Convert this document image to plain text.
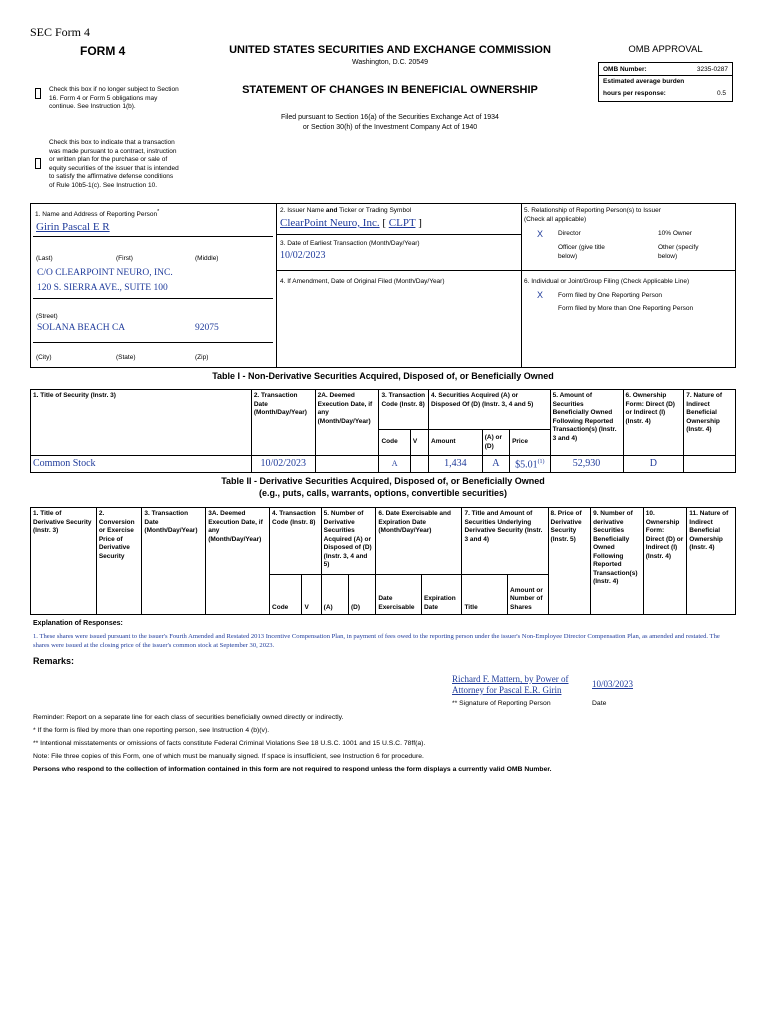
SEC Form 4
FORM 4	UNITED STATES SECURITIES AND EXCHANGE COMMISSION
Washington, D.C. 20549
STATEMENT OF CHANGES IN BENEFICIAL OWNERSHIP
Filed pursuant to Section 16(a) of the Securities Exchange Act of 1934
or Section 30(h) of the Investment Company Act of 1940
Check this box if no longer subject to Section 16. Form 4 or Form 5 obligations may continue. See Instruction 1(b).
Check this box to indicate that a transaction was made pursuant to a contract, instruction or written plan for the purchase or sale of equity securities of the issuer that is intended to satisfy the affirmative defense conditions of Rule 10b5-1(c). See Instruction 10.
OMB APPROVAL
OMB Number:	3235-0287
Estimated average burden
hours per response:	0.5
1. Name and Address of Reporting Person*
Girin Pascal E R
(Last)	(First)	(Middle)
C/O CLEARPOINT NEURO, INC.
120 S. SIERRA AVE., SUITE 100
(Street)
SOLANA BEACH CA	92075
(City)	(State)	(Zip)
2. Issuer Name and Ticker or Trading Symbol
ClearPoint Neuro, Inc. [ CLPT ]
3. Date of Earliest Transaction (Month/Day/Year)
10/02/2023
4. If Amendment, Date of Original Filed (Month/Day/Year)
5. Relationship of Reporting Person(s) to Issuer
(Check all applicable)
X Director	10% Owner
Officer (give title
below)
Other (specify
below)
6. Individual or Joint/Group Filing (Check Applicable Line)
X Form filed by One Reporting Person
Form filed by More than One Reporting Person
Table I - Non-Derivative Securities Acquired, Disposed of, or Beneficially Owned
1. Title of Security (Instr. 3)	2. Transaction Date (Month/Day/Year)	2A. Deemed Execution Date, if any (Month/Day/Year)	3. Transaction Code (Instr. 8)		4. Securities Acquired (A) or Disposed Of (D) (Instr. 3, 4 and 5)			5. Amount of Securities Beneficially Owned Following Reported Transaction(s) (Instr. 3 and 4)	6. Ownership Form: Direct (D) or Indirect (I) (Instr. 4)	7. Nature of Indirect Beneficial Ownership (Instr. 4)
			Code	V	Amount	(A) or (D)	Price			
Common Stock	10/02/2023		A		1,434	A	$5.01$^{(1)}$	52,930	D	
Table II - Derivative Securities Acquired, Disposed of, or Beneficially Owned
(e.g., puts, calls, warrants, options, convertible securities)
1. Title of Derivative Security (Instr. 3)	2. Conversion or Exercise Price of Derivative Security	3. Transaction Date (Month/Day/Year)	3A. Deemed Execution Date, if any (Month/Day/Year)	4. Transaction Code (Instr. 8)		5. Number of Derivative Securities Acquired (A) or Disposed of (D) (Instr. 3, 4 and 5)		6. Date Exercisable and Expiration Date (Month/Day/Year)		7. Title and Amount of Securities Underlying Derivative Security (Instr. 3 and 4)		8. Price of Derivative Security (Instr. 5)	9. Number of derivative Securities Beneficially Owned Following Reported Transaction(s) (Instr. 4)	10. Ownership Form: Direct (D) or Indirect (I) (Instr. 4)	11. Nature of Indirect Beneficial Ownership (Instr. 4)
				Code	V	(A)	(D)	Date Exercisable	Expiration Date	Title	Amount or Number of Shares				
Explanation of Responses:
1. These shares were issued pursuant to the issuer's Fourth Amended and Restated 2013 Incentive Compensation Plan, in payment of fees owed to the reporting person under the issuer's Non-Employee Director Compensation Plan, as amended and restated. The shares were issued at the closing price of the issuer's common stock at September 30, 2023.
Remarks:
Richard F. Mattern, by Power of
Attorney for Pascal E.R. Girin
10/03/2023
** Signature of Reporting Person	Date
Reminder: Report on a separate line for each class of securities beneficially owned directly or indirectly.
* If the form is filed by more than one reporting person, see Instruction 4 (b)(v).
** Intentional misstatements or omissions of facts constitute Federal Criminal Violations See 18 U.S.C. 1001 and 15 U.S.C. 78ff(a).
Note: File three copies of this Form, one of which must be manually signed. If space is insufficient, see Instruction 6 for procedure.
Persons who respond to the collection of information contained in this form are not required to respond unless the form displays a currently valid OMB Number.
